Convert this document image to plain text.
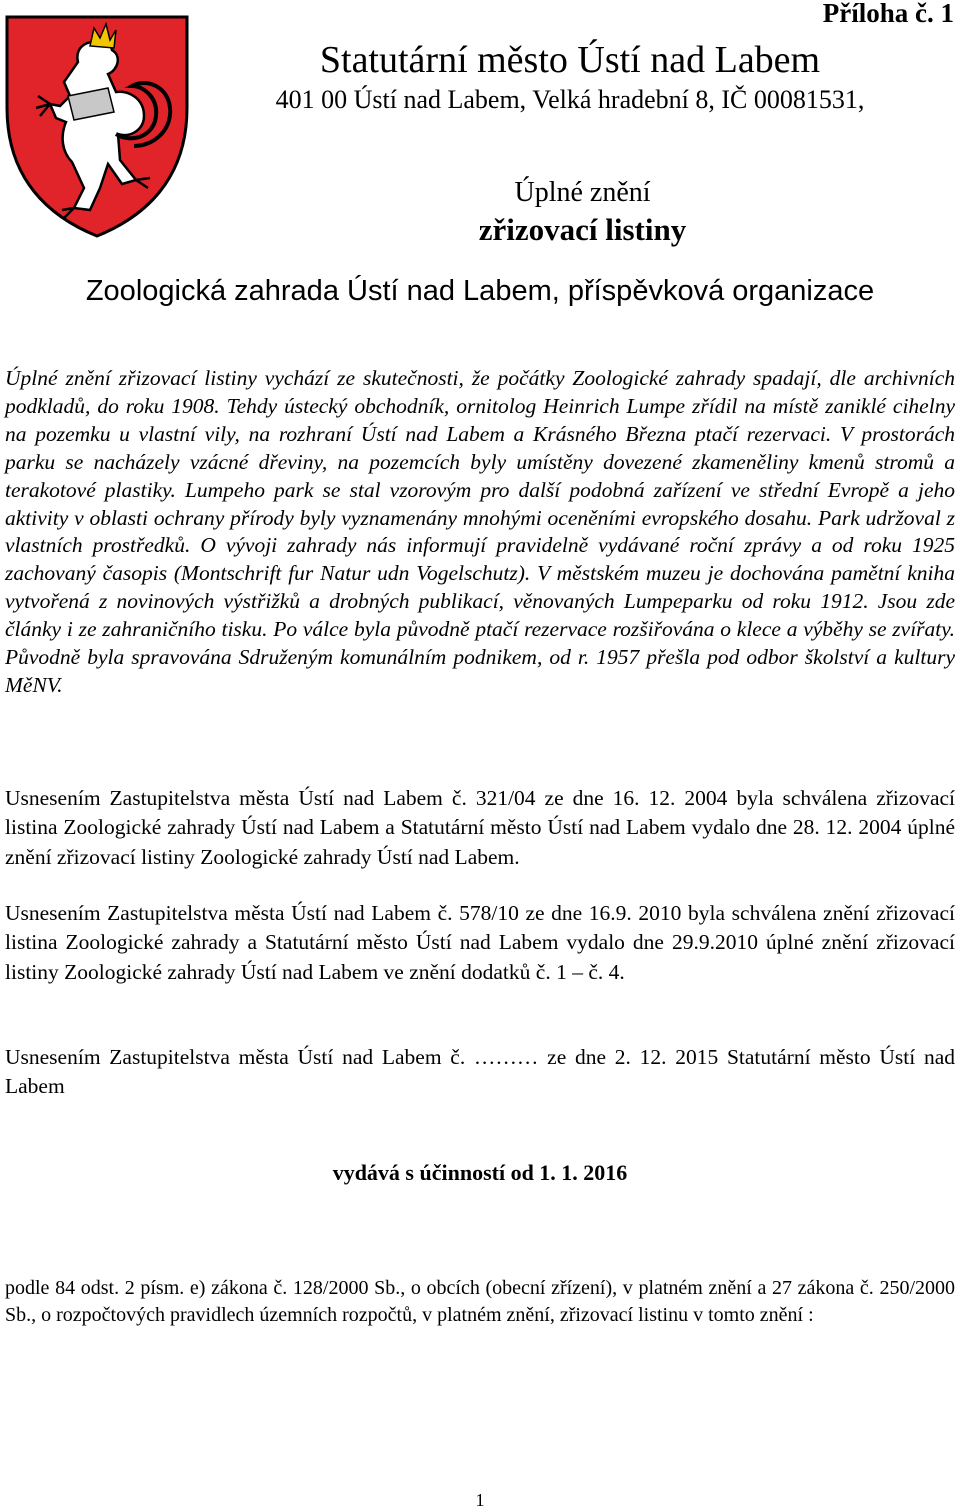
Příloha č. 1
Statutární město Ústí nad Labem
401 00 Ústí nad Labem, Velká hradební 8, IČ 00081531,
Úplné znění
zřizovací listiny
Zoologická zahrada Ústí nad Labem, příspěvková organizace

Úplné znění zřizovací listiny vychází ze skutečnosti, že počátky Zoologické zahrady spadají, dle archivních podkladů, do roku 1908. Tehdy ústecký obchodník, ornitolog Heinrich Lumpe zřídil na místě zaniklé cihelny na pozemku u vlastní vily, na rozhraní Ústí nad Labem a Krásného Března ptačí rezervaci. V prostorách parku se nacházely vzácné dřeviny, na pozemcích byly umístěny dovezené zkameněliny kmenů stromů a terakotové plastiky. Lumpeho park se stal vzorovým pro další podobná zařízení ve střední Evropě a jeho aktivity v oblasti ochrany přírody byly vyznamenány mnohými oceněními evropského dosahu. Park udržoval z vlastních prostředků. O vývoji zahrady nás informují pravidelně vydávané roční zprávy a od roku 1925 zachovaný časopis (Montschrift fur Natur udn Vogelschutz). V městském muzeu je dochována pamětní kniha vytvořená z novinových výstřižků a drobných publikací, věnovaných Lumpeparku od roku 1912. Jsou zde články i ze zahraničního tisku. Po válce byla původně ptačí rezervace rozšiřována o klece a výběhy se zvířaty. Původně byla spravována Sdruženým komunálním podnikem, od r. 1957 přešla pod odbor školství a kultury MěNV.

Usnesením Zastupitelstva města Ústí nad Labem č. 321/04 ze dne 16. 12. 2004 byla schválena zřizovací listina Zoologické zahrady Ústí nad Labem a Statutární město Ústí nad Labem vydalo dne 28. 12. 2004 úplné znění zřizovací listiny Zoologické zahrady Ústí nad Labem.

Usnesením Zastupitelstva města Ústí nad Labem č. 578/10 ze dne 16.9. 2010 byla schválena znění zřizovací listina Zoologické zahrady a Statutární město Ústí nad Labem vydalo dne 29.9.2010 úplné znění zřizovací listiny Zoologické zahrady Ústí nad Labem ve znění dodatků č. 1 – č. 4.

Usnesením Zastupitelstva města Ústí nad Labem č. ……… ze dne 2. 12. 2015 Statutární město Ústí nad Labem

vydává s účinností od 1. 1. 2016

podle 84 odst. 2 písm. e) zákona č. 128/2000 Sb., o obcích (obecní zřízení), v platném znění a 27 zákona č. 250/2000 Sb., o rozpočtových pravidlech územních rozpočtů, v platném znění, zřizovací listinu v tomto znění :

1
